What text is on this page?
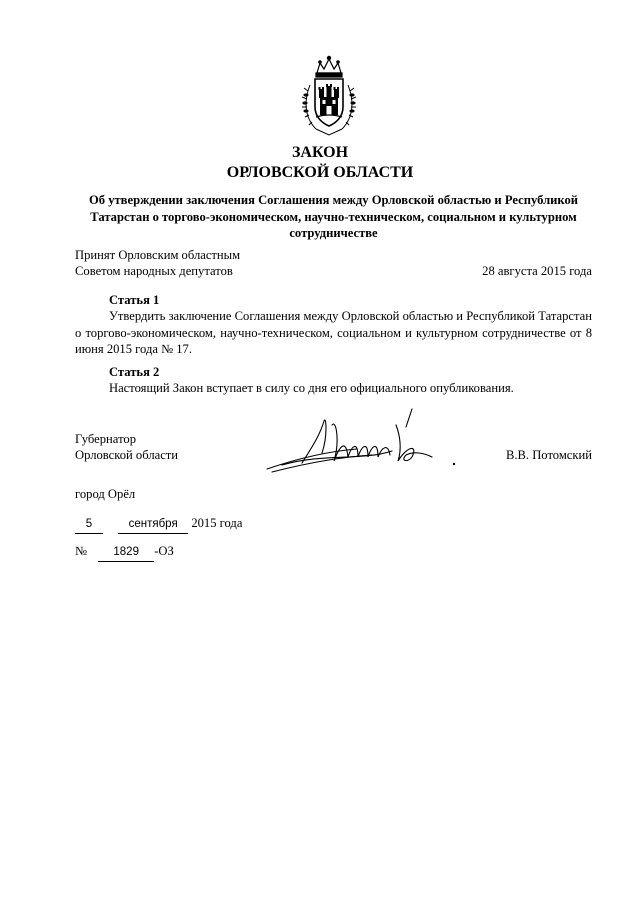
ЗАКОН
ОРЛОВСКОЙ ОБЛАСТИ
Об утверждении заключения Соглашения между Орловской областью и Республикой Татарстан о торгово-экономическом, научно-техническом, социальном и культурном сотрудничестве
Принят Орловским областным
Советом народных депутатов	28 августа 2015 года
Статья 1
Утвердить заключение Соглашения между Орловской областью и Республикой Татарстан о торгово-экономическом, научно-техническом, социальном и культурном сотрудничестве от 8 июня 2015 года № 17.
Статья 2
Настоящий Закон вступает в силу со дня его официального опубликования.
Губернатор
Орловской области	В.В. Потомский
город Орёл
5	сентября 2015 года
№ 1829 -ОЗ
